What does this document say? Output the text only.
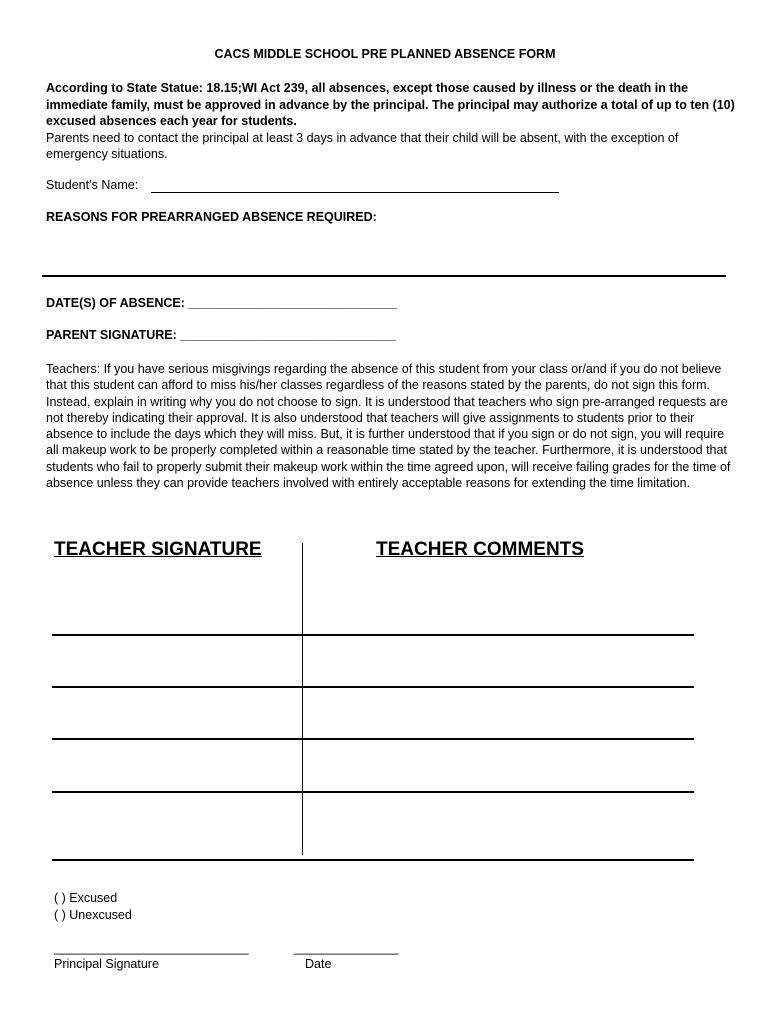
CACS MIDDLE SCHOOL PRE PLANNED ABSENCE FORM
According to State Statue: 18.15;WI Act 239, all absences, except those caused by illness or the death in the immediate family, must be approved in advance by the principal. The principal may authorize a total of up to ten (10) excused absences each year for students.
Parents need to contact the principal at least 3 days in advance that their child will be absent, with the exception of emergency situations.
Student’s Name:
REASONS FOR PREARRANGED ABSENCE REQUIRED:
DATE(S) OF ABSENCE: ______________________________
PARENT SIGNATURE: _______________________________
Teachers: If you have serious misgivings regarding the absence of this student from your class or/and if you do not believe that this student can afford to miss his/her classes regardless of the reasons stated by the parents, do not sign this form. Instead, explain in writing why you do not choose to sign. It is understood that teachers who sign pre-arranged requests are not thereby indicating their approval. It is also understood that teachers will give assignments to students prior to their absence to include the days which they will miss. But, it is further understood that if you sign or do not sign, you will require all makeup work to be properly completed within a reasonable time stated by the teacher. Furthermore, it is understood that students who fail to properly submit their makeup work within the time agreed upon, will receive failing grades for the time of absence unless they can provide teachers involved with entirely acceptable reasons for extending the time limitation.
TEACHER SIGNATURE	TEACHER COMMENTS
( ) Excused
( ) Unexcused
____________________________	_______________
Principal Signature	Date
